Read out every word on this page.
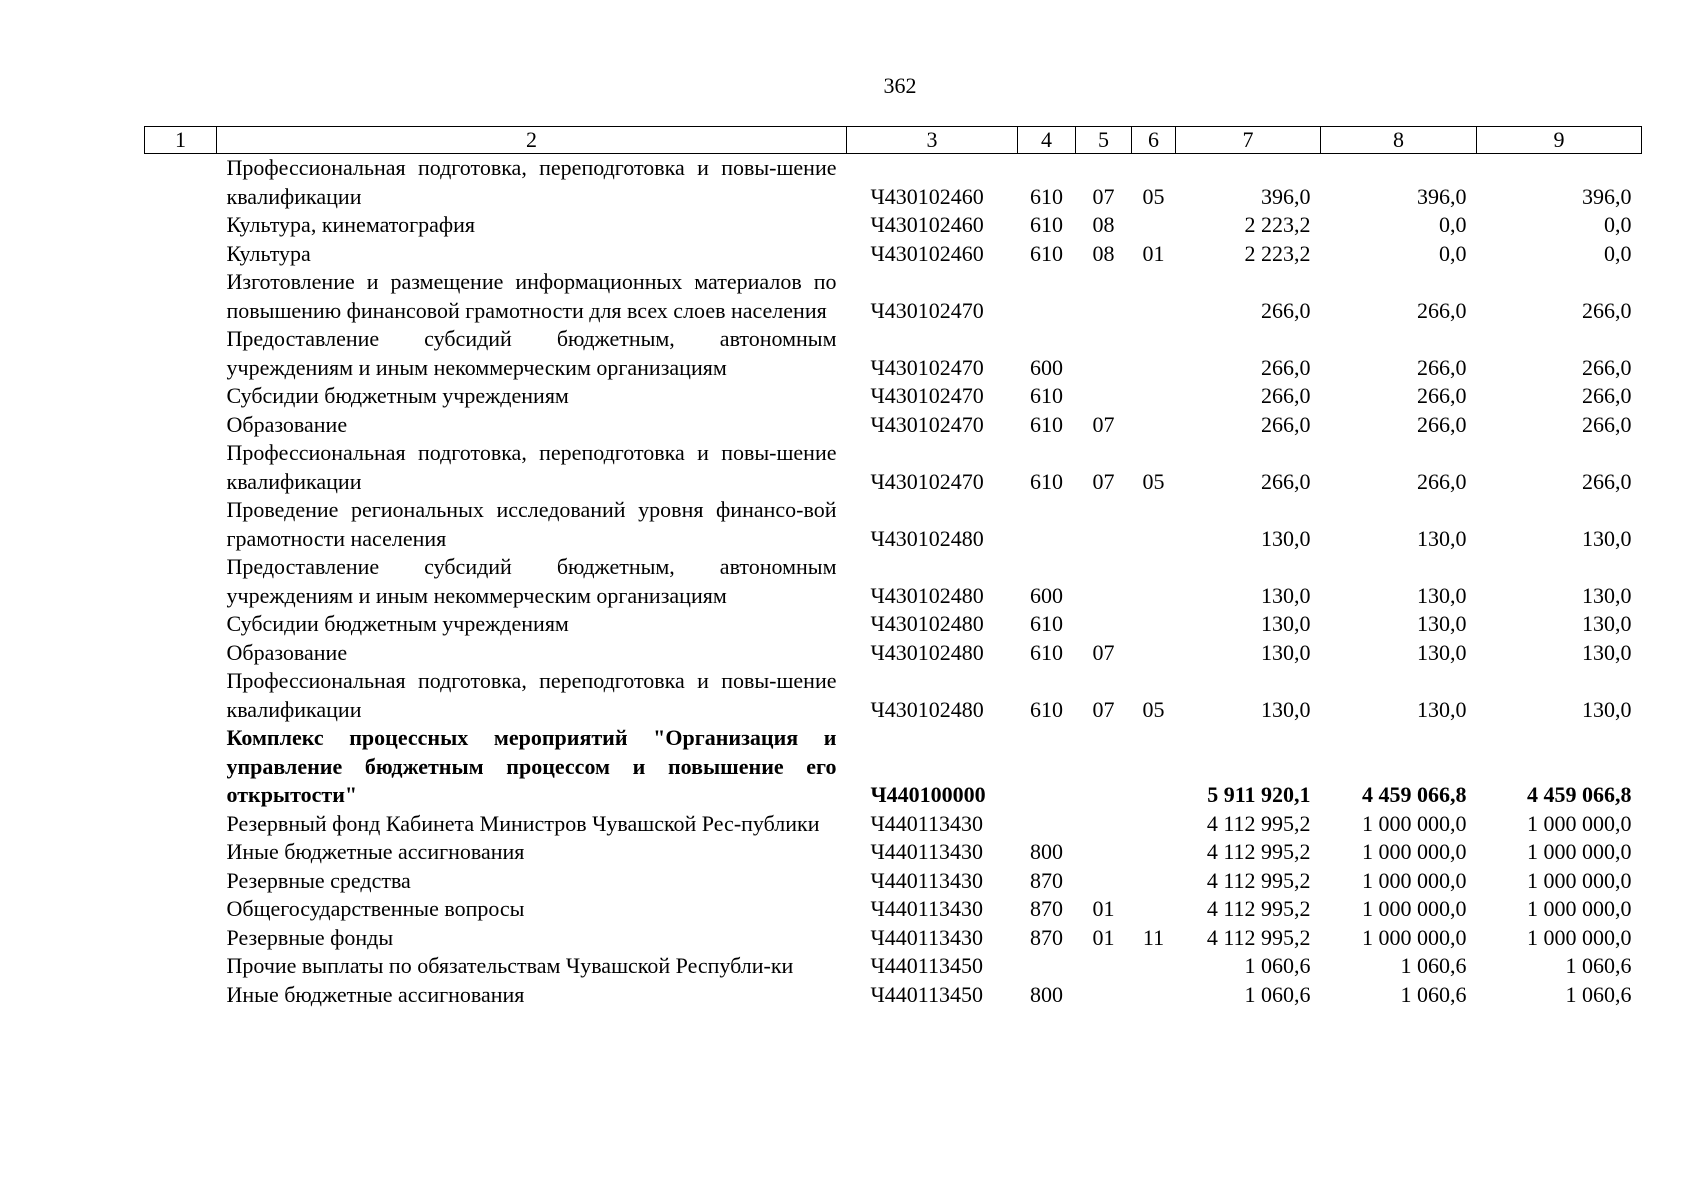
362
1	2	3	4	5	6	7	8	9
	Профессиональная подготовка, переподготовка и повы-шение квалификации	Ч430102460	610	07	05	396,0	396,0	396,0
	Культура, кинематография	Ч430102460	610	08		2 223,2	0,0	0,0
	Культура	Ч430102460	610	08	01	2 223,2	0,0	0,0
	Изготовление и размещение информационных материалов по повышению финансовой грамотности для всех слоев населения	Ч430102470				266,0	266,0	266,0
	Предоставление субсидий бюджетным, автономным учреждениям и иным некоммерческим организациям	Ч430102470	600			266,0	266,0	266,0
	Субсидии бюджетным учреждениям	Ч430102470	610			266,0	266,0	266,0
	Образование	Ч430102470	610	07		266,0	266,0	266,0
	Профессиональная подготовка, переподготовка и повы-шение квалификации	Ч430102470	610	07	05	266,0	266,0	266,0
	Проведение региональных исследований уровня финансо-вой грамотности населения	Ч430102480				130,0	130,0	130,0
	Предоставление субсидий бюджетным, автономным учреждениям и иным некоммерческим организациям	Ч430102480	600			130,0	130,0	130,0
	Субсидии бюджетным учреждениям	Ч430102480	610			130,0	130,0	130,0
	Образование	Ч430102480	610	07		130,0	130,0	130,0
	Профессиональная подготовка, переподготовка и повы-шение квалификации	Ч430102480	610	07	05	130,0	130,0	130,0
	Комплекс процессных мероприятий "Организация и управление бюджетным процессом и повышение его открытости"	Ч440100000				5 911 920,1	4 459 066,8	4 459 066,8
	Резервный фонд Кабинета Министров Чувашской Рес-публики	Ч440113430				4 112 995,2	1 000 000,0	1 000 000,0
	Иные бюджетные ассигнования	Ч440113430	800			4 112 995,2	1 000 000,0	1 000 000,0
	Резервные средства	Ч440113430	870			4 112 995,2	1 000 000,0	1 000 000,0
	Общегосударственные вопросы	Ч440113430	870	01		4 112 995,2	1 000 000,0	1 000 000,0
	Резервные фонды	Ч440113430	870	01	11	4 112 995,2	1 000 000,0	1 000 000,0
	Прочие выплаты по обязательствам Чувашской Республи-ки	Ч440113450				1 060,6	1 060,6	1 060,6
	Иные бюджетные ассигнования	Ч440113450	800			1 060,6	1 060,6	1 060,6
